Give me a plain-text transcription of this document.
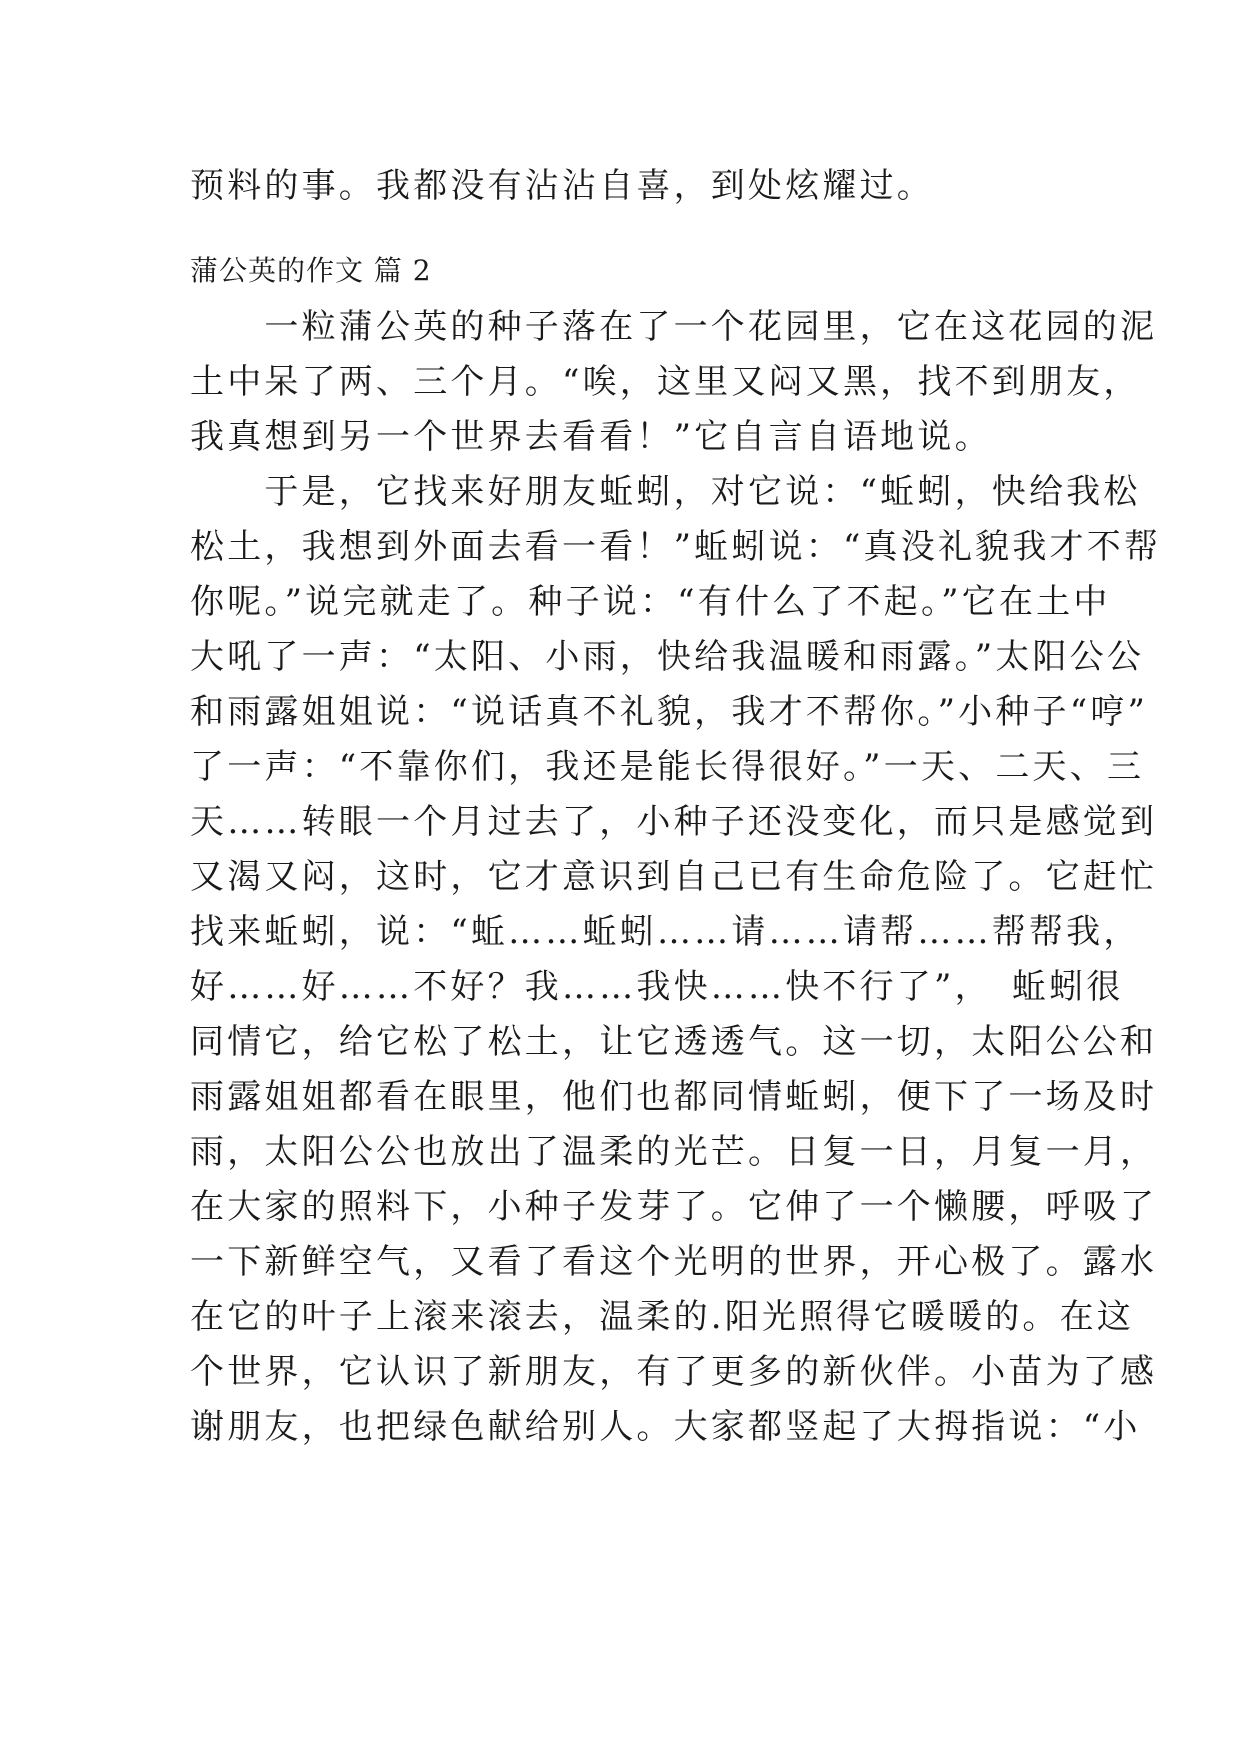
预料的事。我都没有沾沾自喜，到处炫耀过。
蒲公英的作文 篇 2
　　一粒蒲公英的种子落在了一个花园里，它在这花园的泥
土中呆了两、三个月。“唉，这里又闷又黑，找不到朋友，
我真想到另一个世界去看看！”它自言自语地说。
　　于是，它找来好朋友蚯蚓，对它说：“蚯蚓，快给我松
松土，我想到外面去看一看！”蚯蚓说：“真没礼貌我才不帮
你呢。”说完就走了。种子说：“有什么了不起。”它在土中
大吼了一声：“太阳、小雨，快给我温暖和雨露。”太阳公公
和雨露姐姐说：“说话真不礼貌，我才不帮你。”小种子“哼”
了一声：“不靠你们，我还是能长得很好。”一天、二天、三
天……转眼一个月过去了，小种子还没变化，而只是感觉到
又渴又闷，这时，它才意识到自己已有生命危险了。它赶忙
找来蚯蚓，说：“蚯……蚯蚓……请……请帮……帮帮我，
好……好……不好？我……我快……快不行了”，　蚯蚓很
同情它，给它松了松土，让它透透气。这一切，太阳公公和
雨露姐姐都看在眼里，他们也都同情蚯蚓，便下了一场及时
雨，太阳公公也放出了温柔的光芒。日复一日，月复一月，
在大家的照料下，小种子发芽了。它伸了一个懒腰，呼吸了
一下新鲜空气，又看了看这个光明的世界，开心极了。露水
在它的叶子上滚来滚去，温柔的.阳光照得它暖暖的。在这
个世界，它认识了新朋友，有了更多的新伙伴。小苗为了感
谢朋友，也把绿色献给别人。大家都竖起了大拇指说：“小
